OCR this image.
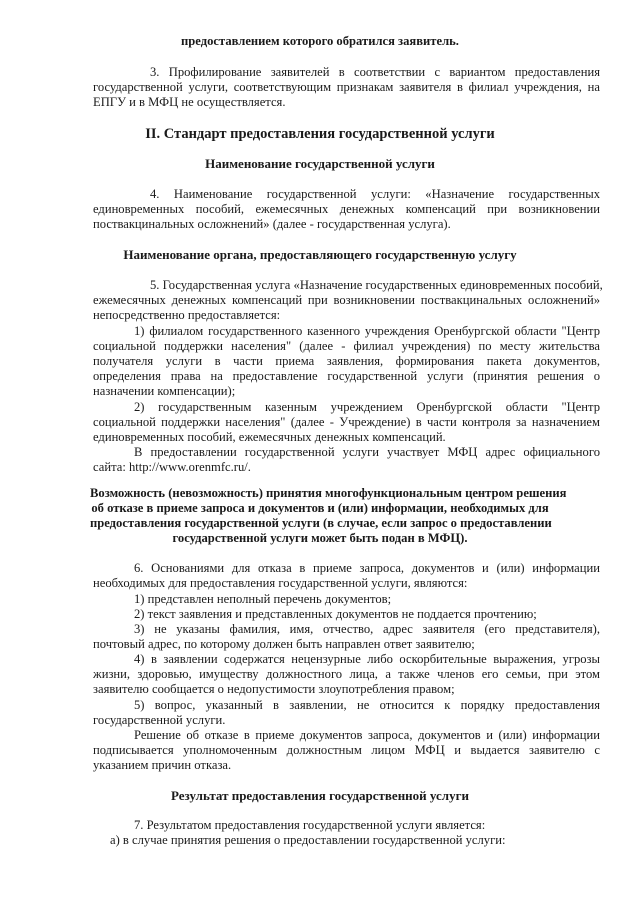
предоставлением которого обратился заявитель.
3. Профилирование заявителей в соответствии с вариантом предоставления
государственной услуги, соответствующим признакам заявителя в филиал учреждения, на
ЕПГУ и в МФЦ не осуществляется.
II. Стандарт предоставления государственной услуги
Наименование государственной услуги
4. Наименование государственной услуги: «Назначение государственных
единовременных пособий, ежемесячных денежных компенсаций при возникновении
поствакцинальных осложнений» (далее - государственная услуга).
Наименование органа, предоставляющего государственную услугу
5. Государственная услуга «Назначение государственных единовременных пособий,
ежемесячных денежных компенсаций при возникновении поствакцинальных осложнений»
непосредственно предоставляется:
1) филиалом государственного казенного учреждения Оренбургской области "Центр
социальной поддержки населения" (далее - филиал учреждения) по месту жительства
получателя услуги в части приема заявления, формирования пакета документов,
определения права на предоставление государственной услуги (принятия решения о
назначении компенсации);
2) государственным казенным учреждением Оренбургской области "Центр
социальной поддержки населения" (далее - Учреждение) в части контроля за назначением
единовременных пособий, ежемесячных денежных компенсаций.
В предоставлении государственной услуги участвует МФЦ адрес официального
сайта: http://www.orenmfc.ru/.
Возможность (невозможность) принятия многофункциональным центром решения
об отказе в приеме запроса и документов и (или) информации, необходимых для
предоставления государственной услуги (в случае, если запрос о предоставлении
государственной услуги может быть подан в МФЦ).
6. Основаниями для отказа в приеме запроса, документов и (или) информации
необходимых для предоставления государственной услуги, являются:
1) представлен неполный перечень документов;
2) текст заявления и представленных документов не поддается прочтению;
3) не указаны фамилия, имя, отчество, адрес заявителя (его представителя),
почтовый адрес, по которому должен быть направлен ответ заявителю;
4) в заявлении содержатся нецензурные либо оскорбительные выражения, угрозы
жизни, здоровью, имуществу должностного лица, а также членов его семьи, при этом
заявителю сообщается о недопустимости злоупотребления правом;
5) вопрос, указанный в заявлении, не относится к порядку предоставления
государственной услуги.
Решение об отказе в приеме документов запроса, документов и (или) информации
подписывается уполномоченным должностным лицом МФЦ и выдается заявителю с
указанием причин отказа.
Результат предоставления государственной услуги
7. Результатом предоставления государственной услуги является:
а) в случае принятия решения о предоставлении государственной услуги:
